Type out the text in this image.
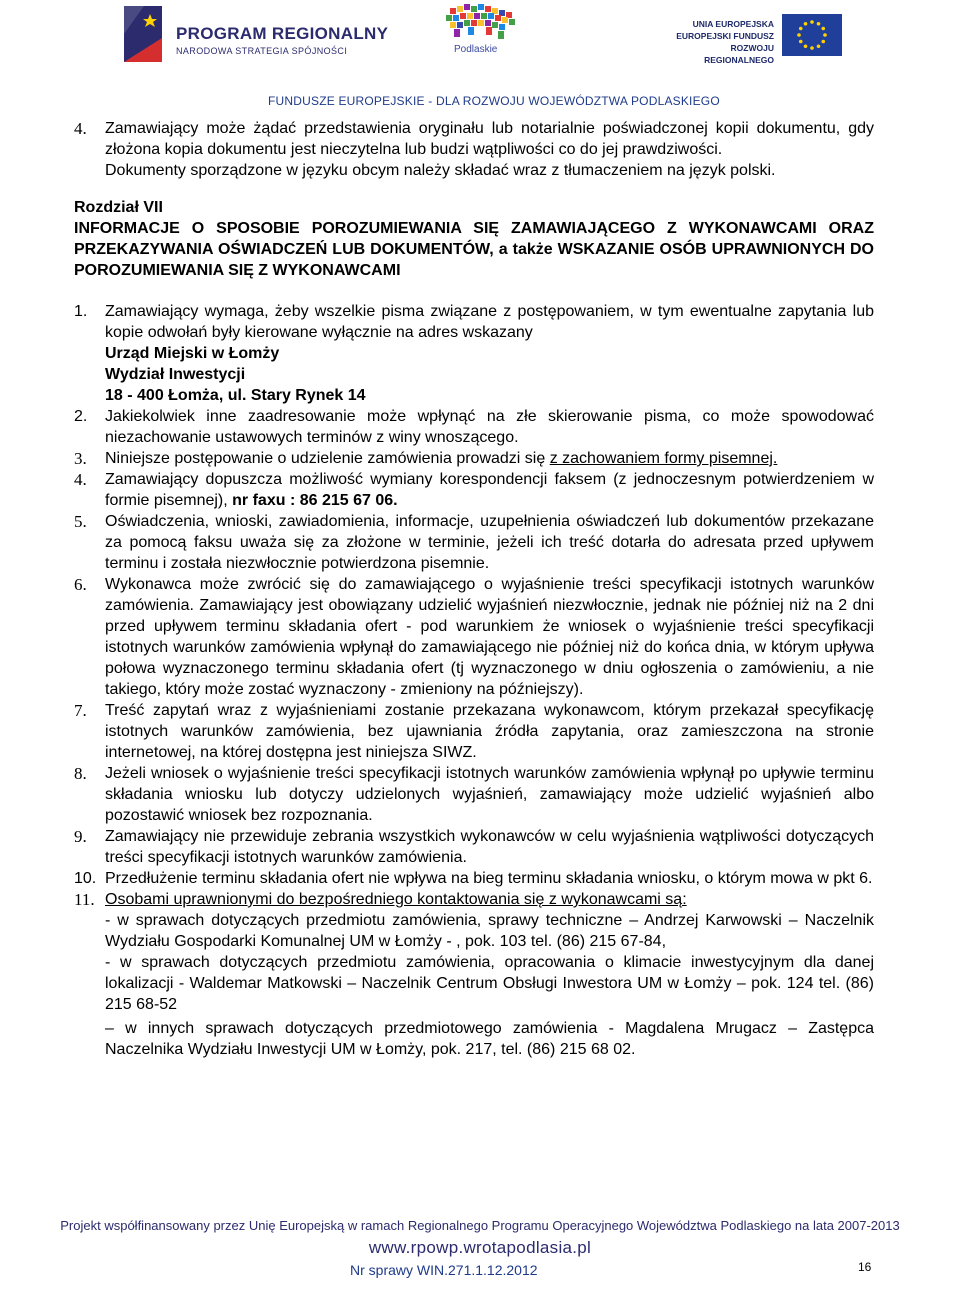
PROGRAM REGIONALNY
NARODOWA STRATEGIA SPÓJNOŚCI	Podlaskie
UNIA EUROPEJSKA
EUROPEJSKI FUNDUSZ
ROZWOJU REGIONALNEGO
FUNDUSZE EUROPEJSKIE - DLA ROZWOJU WOJEWÓDZTWA PODLASKIEGO
4. Zamawiający może żądać przedstawienia oryginału lub notarialnie poświadczonej kopii dokumentu, gdy złożona kopia dokumentu jest nieczytelna lub budzi wątpliwości co do jej prawdziwości.
Dokumenty sporządzone w języku obcym należy składać wraz z tłumaczeniem na język polski.
Rozdział VII
INFORMACJE O SPOSOBIE POROZUMIEWANIA SIĘ ZAMAWIAJĄCEGO Z WYKONAWCAMI ORAZ PRZEKAZYWANIA OŚWIADCZEŃ LUB DOKUMENTÓW, a także WSKAZANIE OSÓB UPRAWNIONYCH DO POROZUMIEWANIA SIĘ Z WYKONAWCAMI
1. Zamawiający wymaga, żeby wszelkie pisma związane z postępowaniem, w tym ewentualne zapytania lub kopie odwołań były kierowane wyłącznie na adres wskazany
Urząd Miejski w Łomży
Wydział Inwestycji
18 - 400 Łomża, ul. Stary Rynek 14
2. Jakiekolwiek inne zaadresowanie może wpłynąć na złe skierowanie pisma, co może spowodować niezachowanie ustawowych terminów z winy wnoszącego.
3. Niniejsze postępowanie o udzielenie zamówienia prowadzi się z zachowaniem formy pisemnej.
4. Zamawiający dopuszcza możliwość wymiany korespondencji faksem (z jednoczesnym potwierdzeniem w formie pisemnej), nr faxu : 86 215 67 06.
5. Oświadczenia, wnioski, zawiadomienia, informacje, uzupełnienia oświadczeń lub dokumentów przekazane za pomocą faksu uważa się za złożone w terminie, jeżeli ich treść dotarła do adresata przed upływem terminu i została niezwłocznie potwierdzona pisemnie.
6. Wykonawca może zwrócić się do zamawiającego o wyjaśnienie treści specyfikacji istotnych warunków zamówienia. Zamawiający jest obowiązany udzielić wyjaśnień niezwłocznie, jednak nie później niż na 2 dni przed upływem terminu składania ofert - pod warunkiem że wniosek o wyjaśnienie treści specyfikacji istotnych warunków zamówienia wpłynął do zamawiającego nie później niż do końca dnia, w którym upływa połowa wyznaczonego terminu składania ofert (tj wyznaczonego w dniu ogłoszenia o zamówieniu, a nie takiego, który może zostać wyznaczony - zmieniony na późniejszy).
7. Treść zapytań wraz z wyjaśnieniami zostanie przekazana wykonawcom, którym przekazał specyfikację istotnych warunków zamówienia, bez ujawniania źródła zapytania, oraz zamieszczona na stronie internetowej, na której dostępna jest niniejsza SIWZ.
8. Jeżeli wniosek o wyjaśnienie treści specyfikacji istotnych warunków zamówienia wpłynął po upływie terminu składania wniosku lub dotyczy udzielonych wyjaśnień, zamawiający może udzielić wyjaśnień albo pozostawić wniosek bez rozpoznania.
9. Zamawiający nie przewiduje zebrania wszystkich wykonawców w celu wyjaśnienia wątpliwości dotyczących treści specyfikacji istotnych warunków zamówienia.
10. Przedłużenie terminu składania ofert nie wpływa na bieg terminu składania wniosku, o którym mowa w pkt 6.
11. Osobami uprawnionymi do bezpośredniego kontaktowania się z wykonawcami są:
- w sprawach dotyczących przedmiotu zamówienia, sprawy techniczne – Andrzej Karwowski – Naczelnik Wydziału Gospodarki Komunalnej UM w Łomży - , pok. 103 tel. (86) 215 67-84,
- w sprawach dotyczących przedmiotu zamówienia, opracowania o klimacie inwestycyjnym dla danej lokalizacji - Waldemar Matkowski – Naczelnik Centrum Obsługi Inwestora UM w Łomży – pok. 124 tel. (86) 215 68-52
– w innych sprawach dotyczących przedmiotowego zamówienia - Magdalena Mrugacz – Zastępca Naczelnika Wydziału Inwestycji UM w Łomży, pok. 217, tel. (86) 215 68 02.
Projekt współfinansowany przez Unię Europejską w ramach Regionalnego Programu Operacyjnego Województwa Podlaskiego na lata 2007-2013
www.rpowp.wrotapodlasia.pl
Nr sprawy WIN.271.1.12.2012	16
